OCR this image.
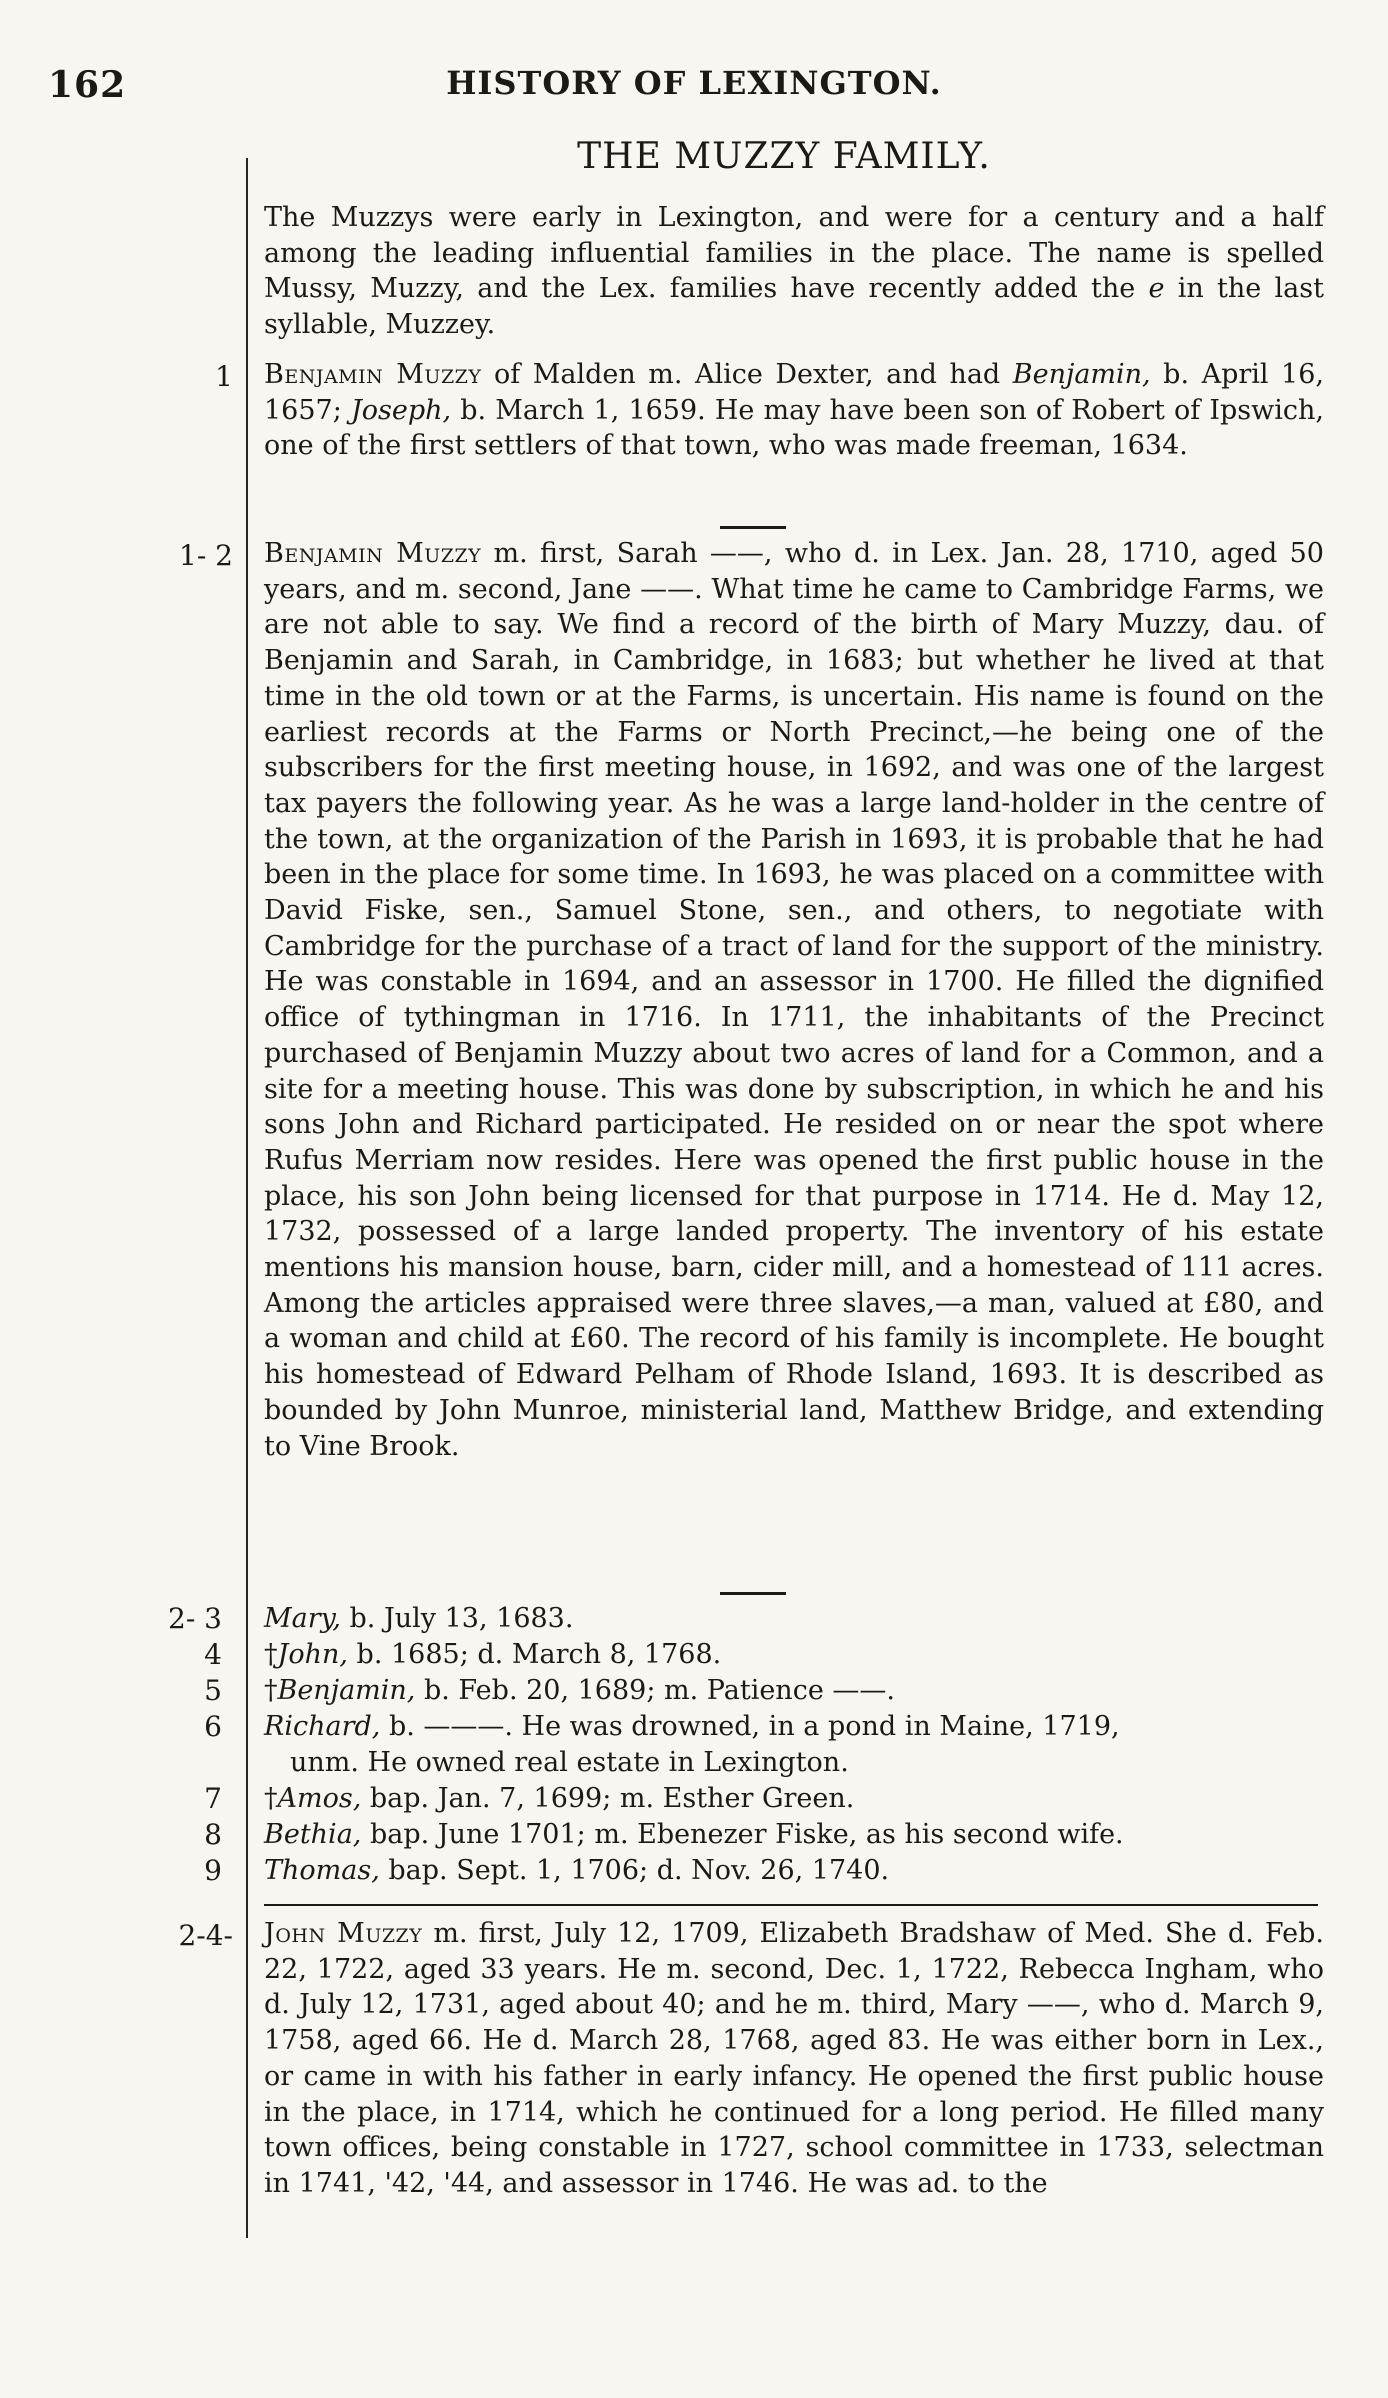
162	HISTORY OF LEXINGTON.
THE MUZZY FAMILY.

The Muzzys were early in Lexington, and were for a century and a half among the leading influential families in the place. The name is spelled Mussy, Muzzy, and the Lex. families have recently added the e in the last syllable, Muzzey.

1 Benjamin Muzzy of Malden m. Alice Dexter, and had Benjamin, b. April 16, 1657; Joseph, b. March 1, 1659. He may have been son of Robert of Ipswich, one of the first settlers of that town, who was made freeman, 1634.

1- 2 Benjamin Muzzy m. first, Sarah ——, who d. in Lex. Jan. 28, 1710, aged 50 years, and m. second, Jane ——. What time he came to Cambridge Farms, we are not able to say. We find a record of the birth of Mary Muzzy, dau. of Benjamin and Sarah, in Cambridge, in 1683; but whether he lived at that time in the old town or at the Farms, is uncertain. His name is found on the earliest records at the Farms or North Precinct,—he being one of the subscribers for the first meeting house, in 1692, and was one of the largest tax payers the following year. As he was a large land-holder in the centre of the town, at the organization of the Parish in 1693, it is probable that he had been in the place for some time. In 1693, he was placed on a committee with David Fiske, sen., Samuel Stone, sen., and others, to negotiate with Cambridge for the purchase of a tract of land for the support of the ministry. He was constable in 1694, and an assessor in 1700. He filled the dignified office of tythingman in 1716. In 1711, the inhabitants of the Precinct purchased of Benjamin Muzzy about two acres of land for a Common, and a site for a meeting house. This was done by subscription, in which he and his sons John and Richard participated. He resided on or near the spot where Rufus Merriam now resides. Here was opened the first public house in the place, his son John being licensed for that purpose in 1714. He d. May 12, 1732, possessed of a large landed property. The inventory of his estate mentions his mansion house, barn, cider mill, and a homestead of 111 acres. Among the articles appraised were three slaves,—a man, valued at £80, and a woman and child at £60. The record of his family is incomplete. He bought his homestead of Edward Pelham of Rhode Island, 1693. It is described as bounded by John Munroe, ministerial land, Matthew Bridge, and extending to Vine Brook.

2- 3 Mary, b. July 13, 1683.
4 †John, b. 1685; d. March 8, 1768.
5 †Benjamin, b. Feb. 20, 1689; m. Patience ——.
6 Richard, b. ———. He was drowned, in a pond in Maine, 1719,
unm. He owned real estate in Lexington.
7 †Amos, bap. Jan. 7, 1699; m. Esther Green.
8 Bethia, bap. June 1701; m. Ebenezer Fiske, as his second wife.
9 Thomas, bap. Sept. 1, 1706; d. Nov. 26, 1740.
2-4- John Muzzy m. first, July 12, 1709, Elizabeth Bradshaw of Med. She d. Feb. 22, 1722, aged 33 years. He m. second, Dec. 1, 1722, Rebecca Ingham, who d. July 12, 1731, aged about 40; and he m. third, Mary ——, who d. March 9, 1758, aged 66. He d. March 28, 1768, aged 83. He was either born in Lex., or came in with his father in early infancy. He opened the first public house in the place, in 1714, which he continued for a long period. He filled many town offices, being constable in 1727, school committee in 1733, selectman in 1741, '42, '44, and assessor in 1746. He was ad. to the
